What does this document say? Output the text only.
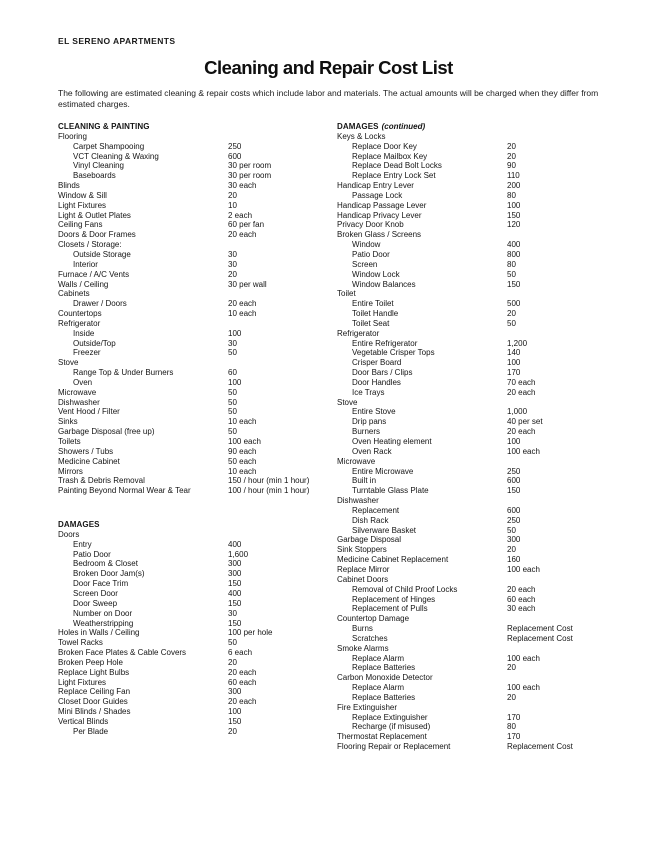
EL SERENO APARTMENTS
Cleaning and Repair Cost List

The following are estimated cleaning & repair costs which include labor and materials. The actual amounts will be charged when they differ from estimated charges.

CLEANING & PAINTING
Flooring
Carpet Shampooing	250
VCT Cleaning & Waxing	600
Vinyl Cleaning	30 per room
Baseboards	30 per room
Blinds	30 each
Window & Sill	20
Light Fixtures	10
Light & Outlet Plates	2 each
Ceiling Fans	60 per fan
Doors & Door Frames	20 each
Closets / Storage:
Outside Storage	30
Interior	30
Furnace / A/C Vents	20
Walls / Ceiling	30 per wall
Cabinets
Drawer / Doors	20 each
Countertops	10 each
Refrigerator
Inside	100
Outside/Top	30
Freezer	50
Stove
Range Top & Under Burners	60
Oven	100
Microwave	50
Dishwasher	50
Vent Hood / Filter	50
Sinks	10 each
Garbage Disposal (free up)	50
Toilets	100 each
Showers / Tubs	90 each
Medicine Cabinet	50 each
Mirrors	10 each
Trash & Debris Removal	150 / hour (min 1 hour)
Painting Beyond Normal Wear & Tear	100 / hour (min 1 hour)
DAMAGES
Doors
Entry	400
Patio Door	1,600
Bedroom & Closet	300
Broken Door Jam(s)	300
Door Face Trim	150
Screen Door	400
Door Sweep	150
Number on Door	30
Weatherstripping	150
Holes in Walls / Ceiling	100 per hole
Towel Racks	50
Broken Face Plates & Cable Covers	6 each
Broken Peep Hole	20
Replace Light Bulbs	20 each
Light Fixtures	60 each
Replace Ceiling Fan	300
Closet Door Guides	20 each
Mini Blinds / Shades	100
Vertical Blinds	150
Per Blade	20
DAMAGES (continued)
Keys & Locks
Replace Door Key	20
Replace Mailbox Key	20
Replace Dead Bolt Locks	90
Replace Entry Lock Set	110
Handicap Entry Lever	200
Passage Lock	80
Handicap Passage Lever	100
Handicap Privacy Lever	150
Privacy Door Knob	120
Broken Glass / Screens
Window	400
Patio Door	800
Screen	80
Window Lock	50
Window Balances	150
Toilet
Entire Toilet	500
Toilet Handle	20
Toilet Seat	50
Refrigerator
Entire Refrigerator	1,200
Vegetable Crisper Tops	140
Crisper Board	100
Door Bars / Clips	170
Door Handles	70 each
Ice Trays	20 each
Stove
Entire Stove	1,000
Drip pans	40 per set
Burners	20 each
Oven Heating element	100
Oven Rack	100 each
Microwave
Entire Microwave	250
Built in	600
Turntable Glass Plate	150
Dishwasher
Replacement	600
Dish Rack	250
Silverware Basket	50
Garbage Disposal	300
Sink Stoppers	20
Medicine Cabinet Replacement	160
Replace Mirror	100 each
Cabinet Doors
Removal of Child Proof Locks	20 each
Replacement of Hinges	60 each
Replacement of Pulls	30 each
Countertop Damage
Burns	Replacement Cost
Scratches	Replacement Cost
Smoke Alarms
Replace Alarm	100 each
Replace Batteries	20
Carbon Monoxide Detector
Replace Alarm	100 each
Replace Batteries	20
Fire Extinguisher
Replace Extinguisher	170
Recharge (if misused)	80
Thermostat Replacement	170
Flooring Repair or Replacement	Replacement Cost
